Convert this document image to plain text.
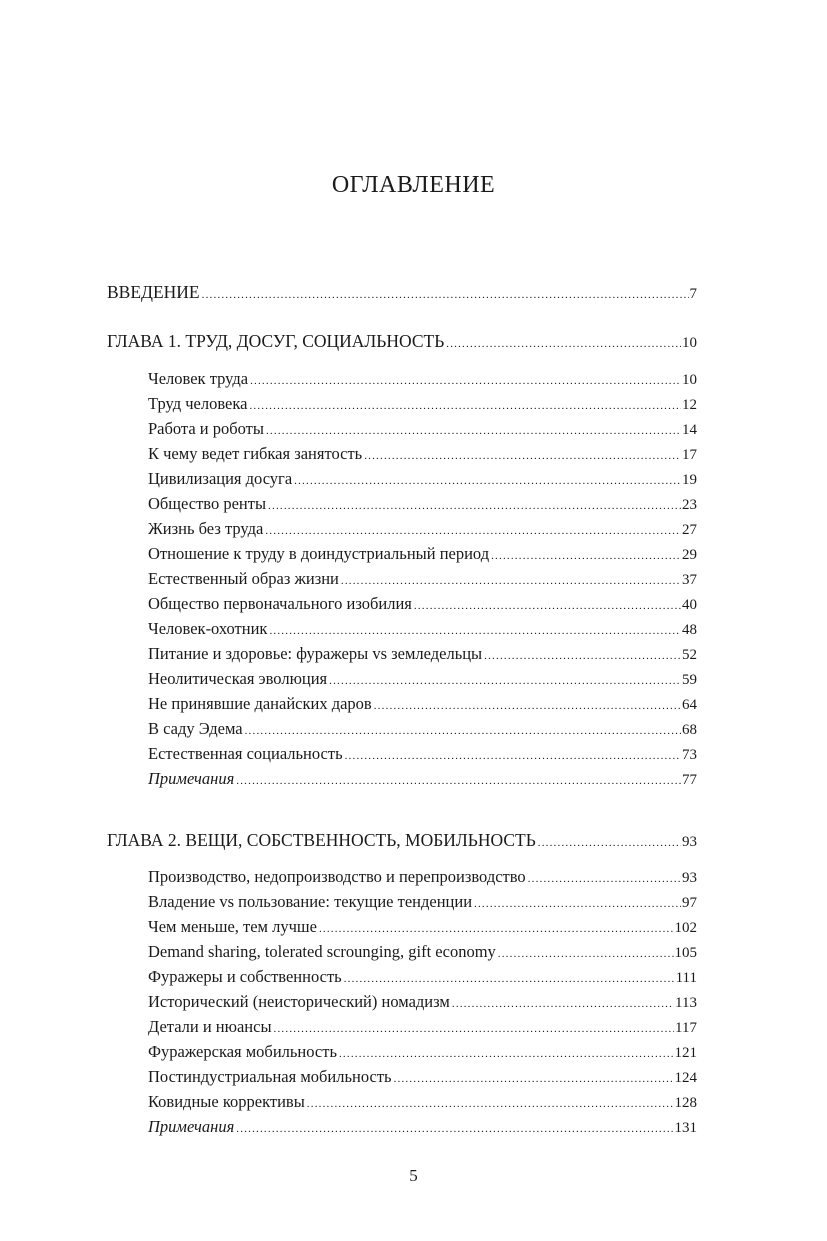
ОГЛАВЛЕНИЕ
ВВЕДЕНИЕ .....	7
ГЛАВА 1. ТРУД, ДОСУГ, СОЦИАЛЬНОСТЬ .....	10
Человек труда .....	10
Труд человека .....	12
Работа и роботы .....	14
К чему ведет гибкая занятость .....	17
Цивилизация досуга .....	19
Общество ренты .....	23
Жизнь без труда .....	27
Отношение к труду в доиндустриальный период .....	29
Естественный образ жизни .....	37
Общество первоначального изобилия .....	40
Человек-охотник .....	48
Питание и здоровье: фуражеры vs земледельцы .....	52
Неолитическая эволюция .....	59
Не принявшие данайских даров .....	64
В саду Эдема .....	68
Естественная социальность .....	73
Примечания .....	77
ГЛАВА 2. ВЕЩИ, СОБСТВЕННОСТЬ, МОБИЛЬНОСТЬ .....	93
Производство, недопроизводство и перепроизводство .....	93
Владение vs пользование: текущие тенденции .....	97
Чем меньше, тем лучше .....	102
Demand sharing, tolerated scrounging, gift economy .....	105
Фуражеры и собственность .....	111
Исторический (неисторический) номадизм .....	113
Детали и нюансы .....	117
Фуражерская мобильность .....	121
Постиндустриальная мобильность .....	124
Ковидные коррективы .....	128
Примечания .....	131
5
